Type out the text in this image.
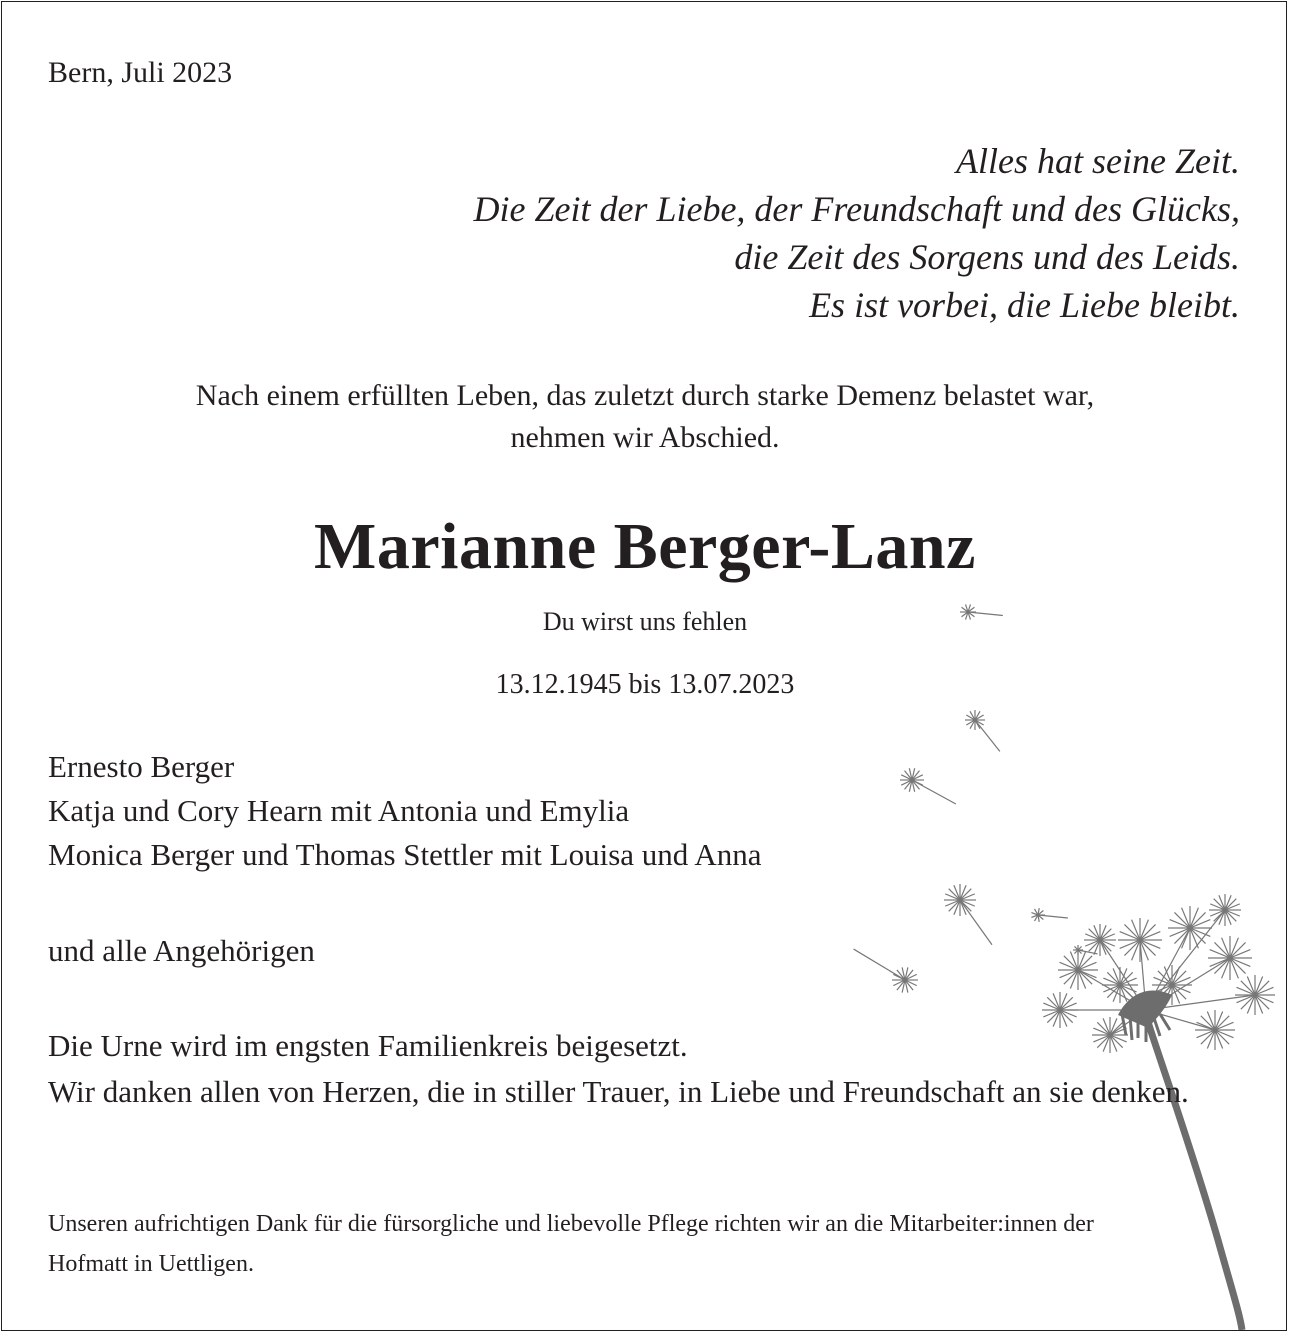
Bern, Juli 2023
Alles hat seine Zeit.
Die Zeit der Liebe, der Freundschaft und des Glücks,
die Zeit des Sorgens und des Leids.
Es ist vorbei, die Liebe bleibt.
Nach einem erfüllten Leben, das zuletzt durch starke Demenz belastet war,
nehmen wir Abschied.
Marianne Berger-Lanz
Du wirst uns fehlen
13.12.1945 bis 13.07.2023
Ernesto Berger
Katja und Cory Hearn mit Antonia und Emylia
Monica Berger und Thomas Stettler mit Louisa und Anna
und alle Angehörigen
Die Urne wird im engsten Familienkreis beigesetzt.
Wir danken allen von Herzen, die in stiller Trauer, in Liebe und Freundschaft an sie denken.
Unseren aufrichtigen Dank für die fürsorgliche und liebevolle Pflege richten wir an die Mitarbeiter:innen der Hofmatt in Uettligen.
